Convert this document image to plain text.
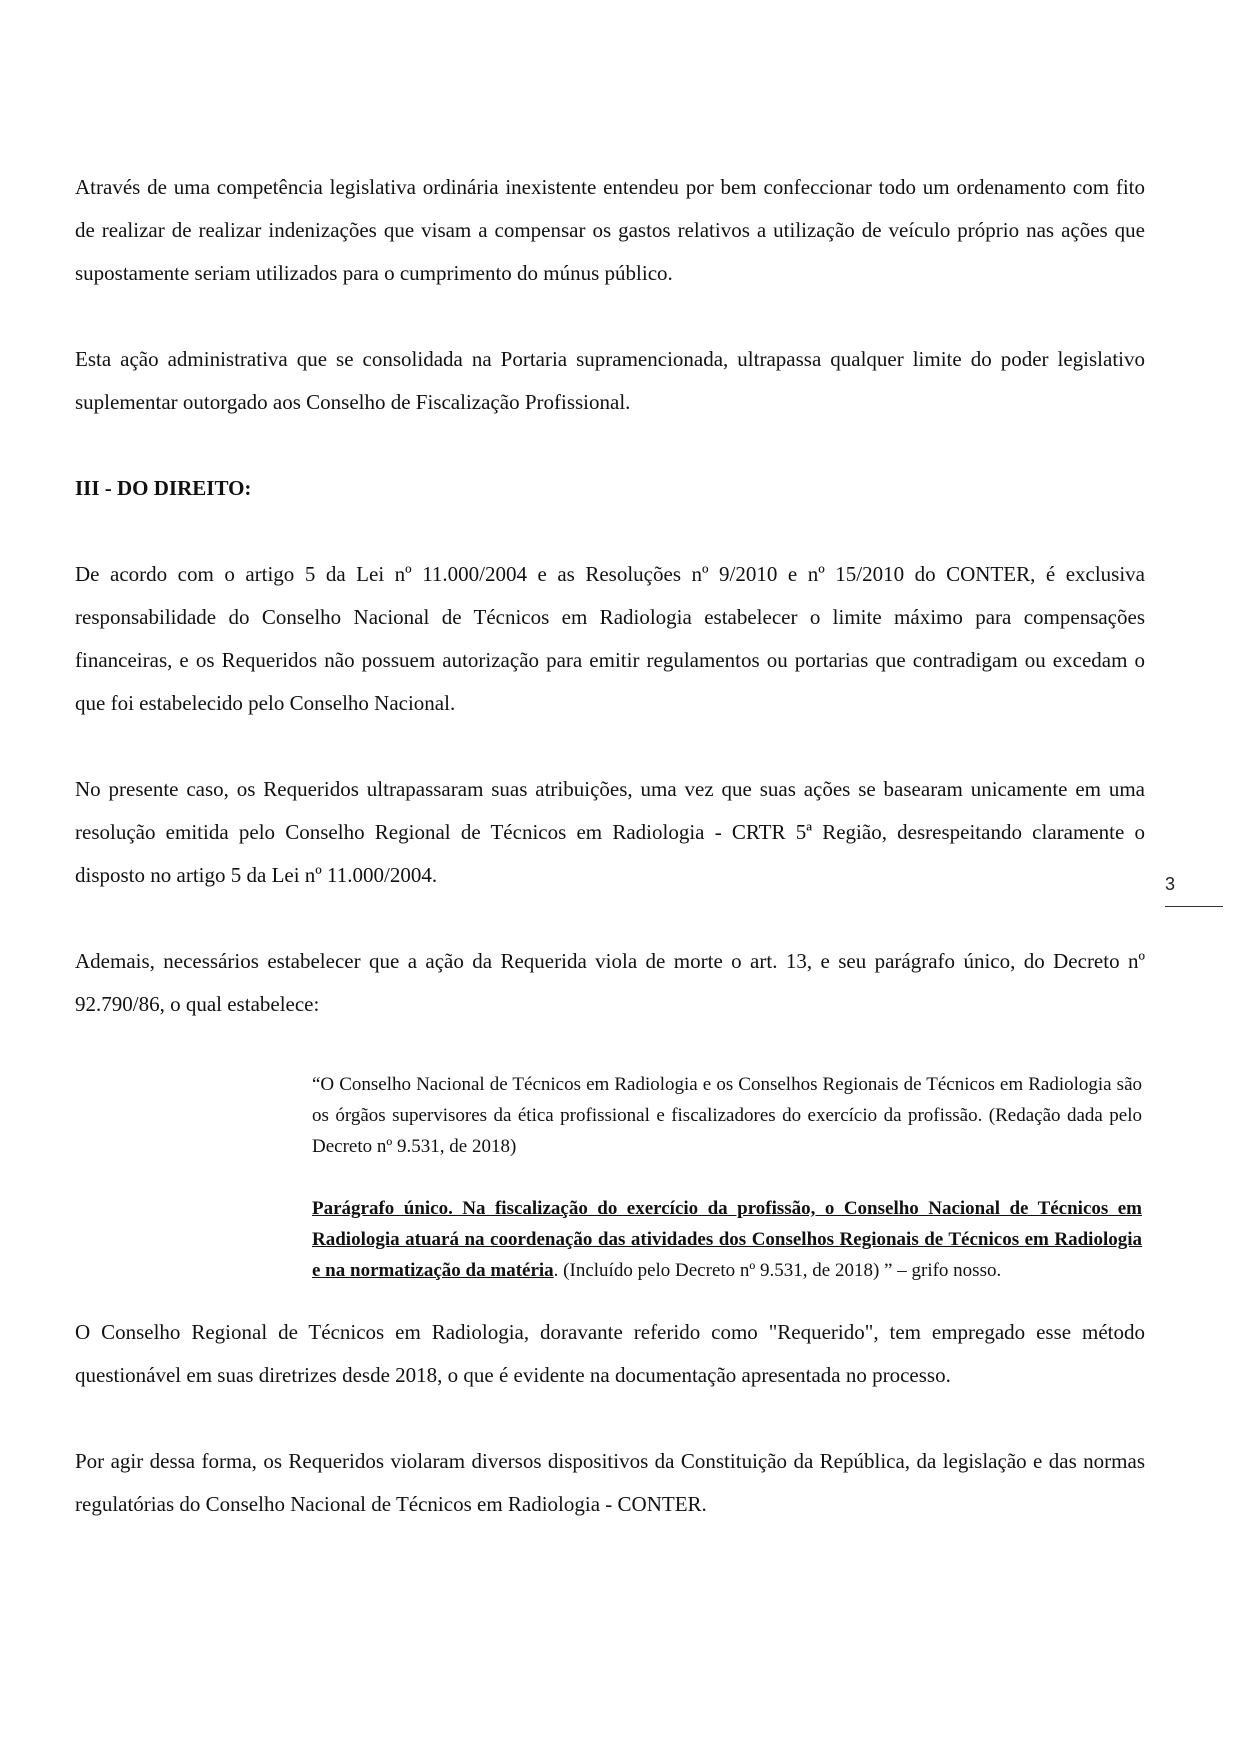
Através de uma competência legislativa ordinária inexistente entendeu por bem confeccionar todo um ordenamento com fito de realizar de realizar indenizações que visam a compensar os gastos relativos a utilização de veículo próprio nas ações que supostamente seriam utilizados para o cumprimento do múnus público.

Esta ação administrativa que se consolidada na Portaria supramencionada, ultrapassa qualquer limite do poder legislativo suplementar outorgado aos Conselho de Fiscalização Profissional.

III - DO DIREITO:

De acordo com o artigo 5 da Lei nº 11.000/2004 e as Resoluções nº 9/2010 e nº 15/2010 do CONTER, é exclusiva responsabilidade do Conselho Nacional de Técnicos em Radiologia estabelecer o limite máximo para compensações financeiras, e os Requeridos não possuem autorização para emitir regulamentos ou portarias que contradigam ou excedam o que foi estabelecido pelo Conselho Nacional.

No presente caso, os Requeridos ultrapassaram suas atribuições, uma vez que suas ações se basearam unicamente em uma resolução emitida pelo Conselho Regional de Técnicos em Radiologia - CRTR 5ª Região, desrespeitando claramente o disposto no artigo 5 da Lei nº 11.000/2004.

Ademais, necessários estabelecer que a ação da Requerida viola de morte o art. 13, e seu parágrafo único, do Decreto nº 92.790/86, o qual estabelece:

“O Conselho Nacional de Técnicos em Radiologia e os Conselhos Regionais de Técnicos em Radiologia são os órgãos supervisores da ética profissional e fiscalizadores do exercício da profissão. (Redação dada pelo Decreto nº 9.531, de 2018)

Parágrafo único. Na fiscalização do exercício da profissão, o Conselho Nacional de Técnicos em Radiologia atuará na coordenação das atividades dos Conselhos Regionais de Técnicos em Radiologia e na normatização da matéria. (Incluído pelo Decreto nº 9.531, de 2018) ” – grifo nosso.

O Conselho Regional de Técnicos em Radiologia, doravante referido como "Requerido", tem empregado esse método questionável em suas diretrizes desde 2018, o que é evidente na documentação apresentada no processo.

Por agir dessa forma, os Requeridos violaram diversos dispositivos da Constituição da República, da legislação e das normas regulatórias do Conselho Nacional de Técnicos em Radiologia - CONTER.

3
